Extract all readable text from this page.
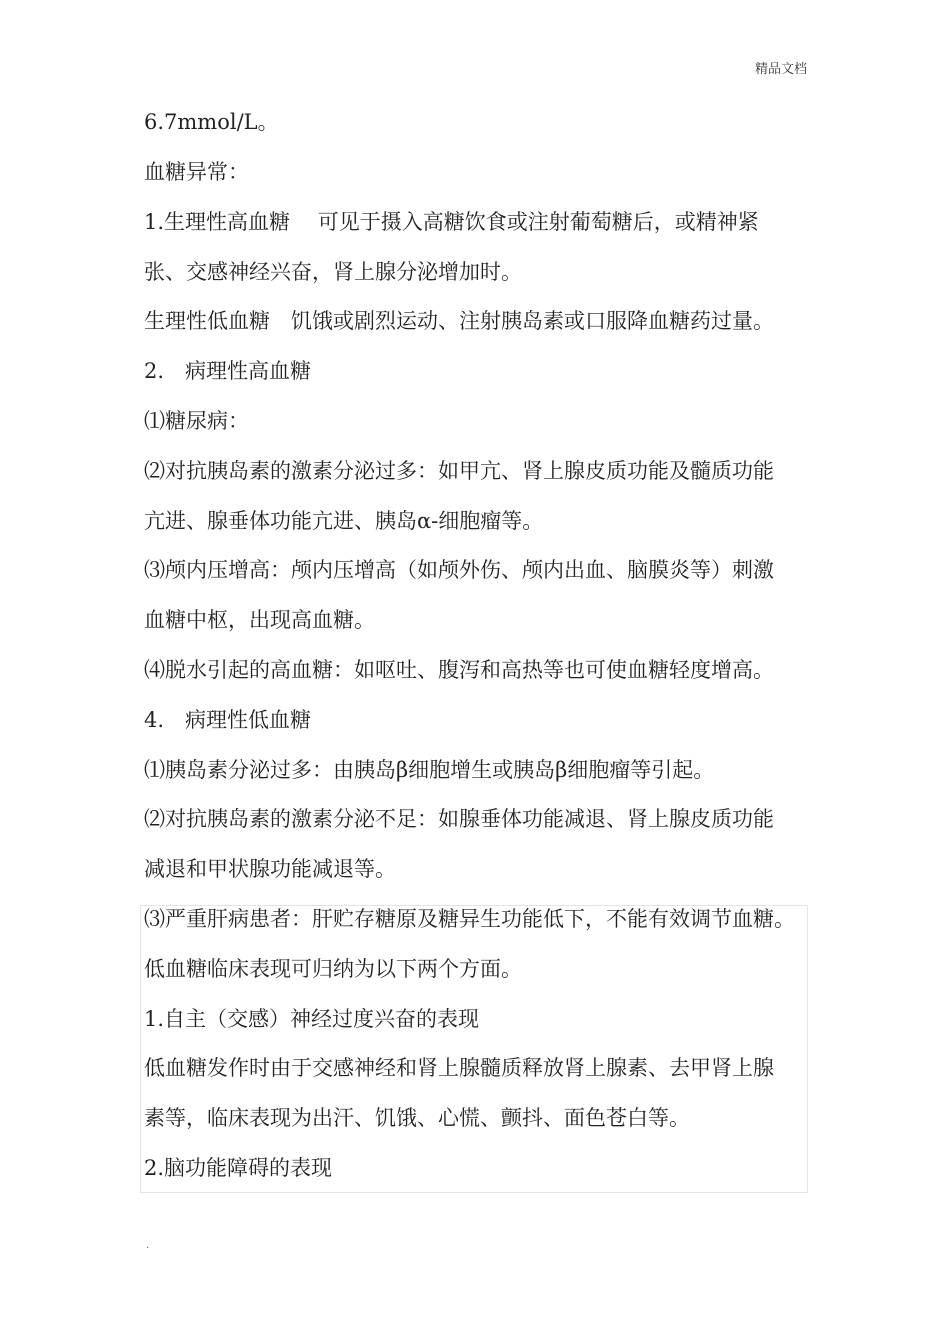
精品文档
6.7mmol/L。
血糖异常：
1.生理性高血糖　 可见于摄入高糖饮食或注射葡萄糖后，或精神紧
张、交感神经兴奋，肾上腺分泌增加时。
生理性低血糖　饥饿或剧烈运动、注射胰岛素或口服降血糖药过量。
2.　病理性高血糖
⑴糖尿病：
⑵对抗胰岛素的激素分泌过多：如甲亢、肾上腺皮质功能及髓质功能
亢进、腺垂体功能亢进、胰岛α-细胞瘤等。
⑶颅内压增高：颅内压增高（如颅外伤、颅内出血、脑膜炎等）刺激
血糖中枢，出现高血糖。
⑷脱水引起的高血糖：如呕吐、腹泻和高热等也可使血糖轻度增高。
4.　病理性低血糖
⑴胰岛素分泌过多：由胰岛β细胞增生或胰岛β细胞瘤等引起。
⑵对抗胰岛素的激素分泌不足：如腺垂体功能减退、肾上腺皮质功能
减退和甲状腺功能减退等。
⑶严重肝病患者：肝贮存糖原及糖异生功能低下，不能有效调节血糖。
低血糖临床表现可归纳为以下两个方面。
1.自主（交感）神经过度兴奋的表现
低血糖发作时由于交感神经和肾上腺髓质释放肾上腺素、去甲肾上腺
素等，临床表现为出汗、饥饿、心慌、颤抖、面色苍白等。
2.脑功能障碍的表现
.
